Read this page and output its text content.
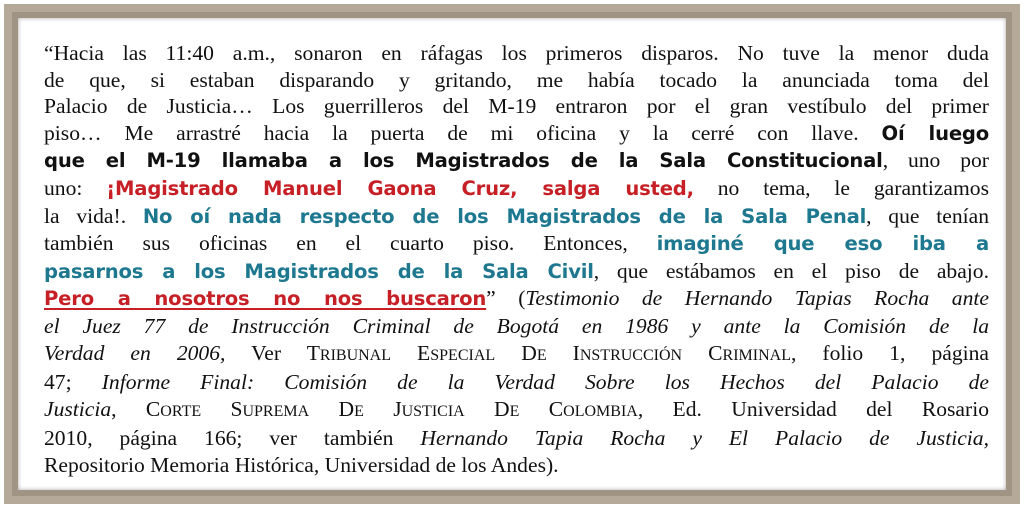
“Hacia las 11:40 a.m., sonaron en ráfagas los primeros disparos. No tuve la menor duda
de que, si estaban disparando y gritando, me había tocado la anunciada toma del
Palacio de Justicia… Los guerrilleros del M-19 entraron por el gran vestíbulo del primer
piso… Me arrastré hacia la puerta de mi oficina y la cerré con llave. Oí luego
que el M-19 llamaba a los Magistrados de la Sala Constitucional, uno por
uno: ¡Magistrado Manuel Gaona Cruz, salga usted, no tema, le garantizamos
la vida!. No oí nada respecto de los Magistrados de la Sala Penal, que tenían
también sus oficinas en el cuarto piso. Entonces, imaginé que eso iba a
pasarnos a los Magistrados de la Sala Civil, que estábamos en el piso de abajo.
Pero a nosotros no nos buscaron” (Testimonio de Hernando Tapias Rocha ante
el Juez 77 de Instrucción Criminal de Bogotá en 1986 y ante la Comisión de la
Verdad en 2006, Ver TRIBUNAL ESPECIAL DE INSTRUCCIÓN CRIMINAL, folio 1, página
47; Informe Final: Comisión de la Verdad Sobre los Hechos del Palacio de
Justicia, CORTE SUPREMA DE JUSTICIA DE COLOMBIA, Ed. Universidad del Rosario
2010, página 166; ver también Hernando Tapia Rocha y El Palacio de Justicia,
Repositorio Memoria Histórica, Universidad de los Andes).
